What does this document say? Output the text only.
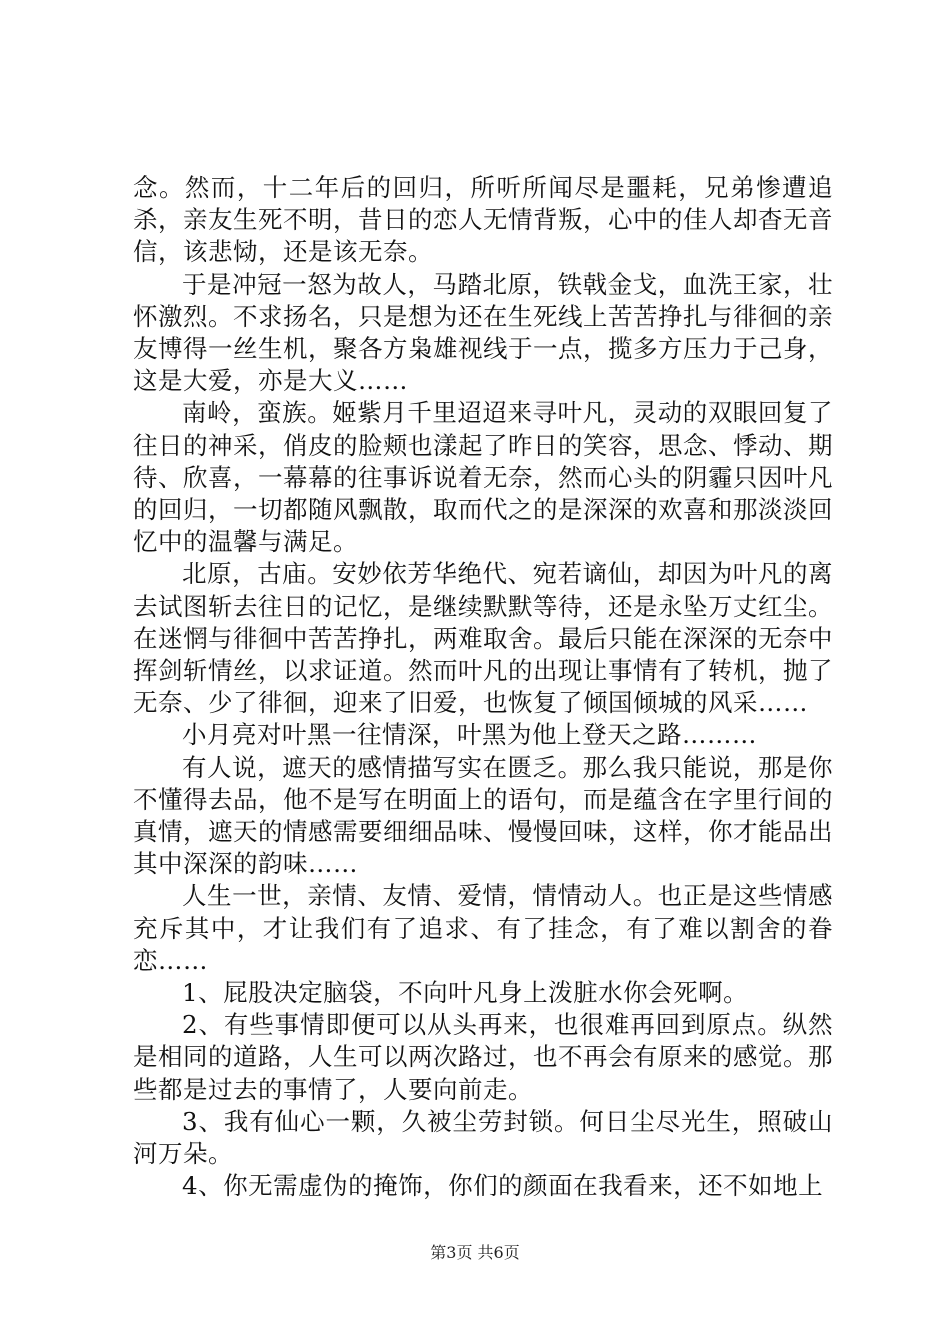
念。然而，十二年后的回归，所听所闻尽是噩耗，兄弟惨遭追杀，亲友生死不明，昔日的恋人无情背叛，心中的佳人却杳无音信，该悲恸，还是该无奈。

于是冲冠一怒为故人，马踏北原，铁戟金戈，血洗王家，壮怀激烈。不求扬名，只是想为还在生死线上苦苦挣扎与徘徊的亲友博得一丝生机，聚各方枭雄视线于一点，揽多方压力于己身，这是大爱，亦是大义……

南岭，蛮族。姬紫月千里迢迢来寻叶凡，灵动的双眼回复了往日的神采，俏皮的脸颊也漾起了昨日的笑容，思念、悸动、期待、欣喜，一幕幕的往事诉说着无奈，然而心头的阴霾只因叶凡的回归，一切都随风飘散，取而代之的是深深的欢喜和那淡淡回忆中的温馨与满足。

北原，古庙。安妙依芳华绝代、宛若谪仙，却因为叶凡的离去试图斩去往日的记忆，是继续默默等待，还是永坠万丈红尘。在迷惘与徘徊中苦苦挣扎，两难取舍。最后只能在深深的无奈中挥剑斩情丝，以求证道。然而叶凡的出现让事情有了转机，抛了无奈、少了徘徊，迎来了旧爱，也恢复了倾国倾城的风采……

小月亮对叶黑一往情深，叶黑为他上登天之路………

有人说，遮天的感情描写实在匮乏。那么我只能说，那是你不懂得去品，他不是写在明面上的语句，而是蕴含在字里行间的真情，遮天的情感需要细细品味、慢慢回味，这样，你才能品出其中深深的韵味……

人生一世，亲情、友情、爱情，情情动人。也正是这些情感充斥其中，才让我们有了追求、有了挂念，有了难以割舍的眷恋……

1、屁股决定脑袋，不向叶凡身上泼脏水你会死啊。

2、有些事情即便可以从头再来，也很难再回到原点。纵然是相同的道路，人生可以两次路过，也不再会有原来的感觉。那些都是过去的事情了，人要向前走。

3、我有仙心一颗，久被尘劳封锁。何日尘尽光生，照破山河万朵。

4、你无需虚伪的掩饰，你们的颜面在我看来，还不如地上

第3页 共6页
